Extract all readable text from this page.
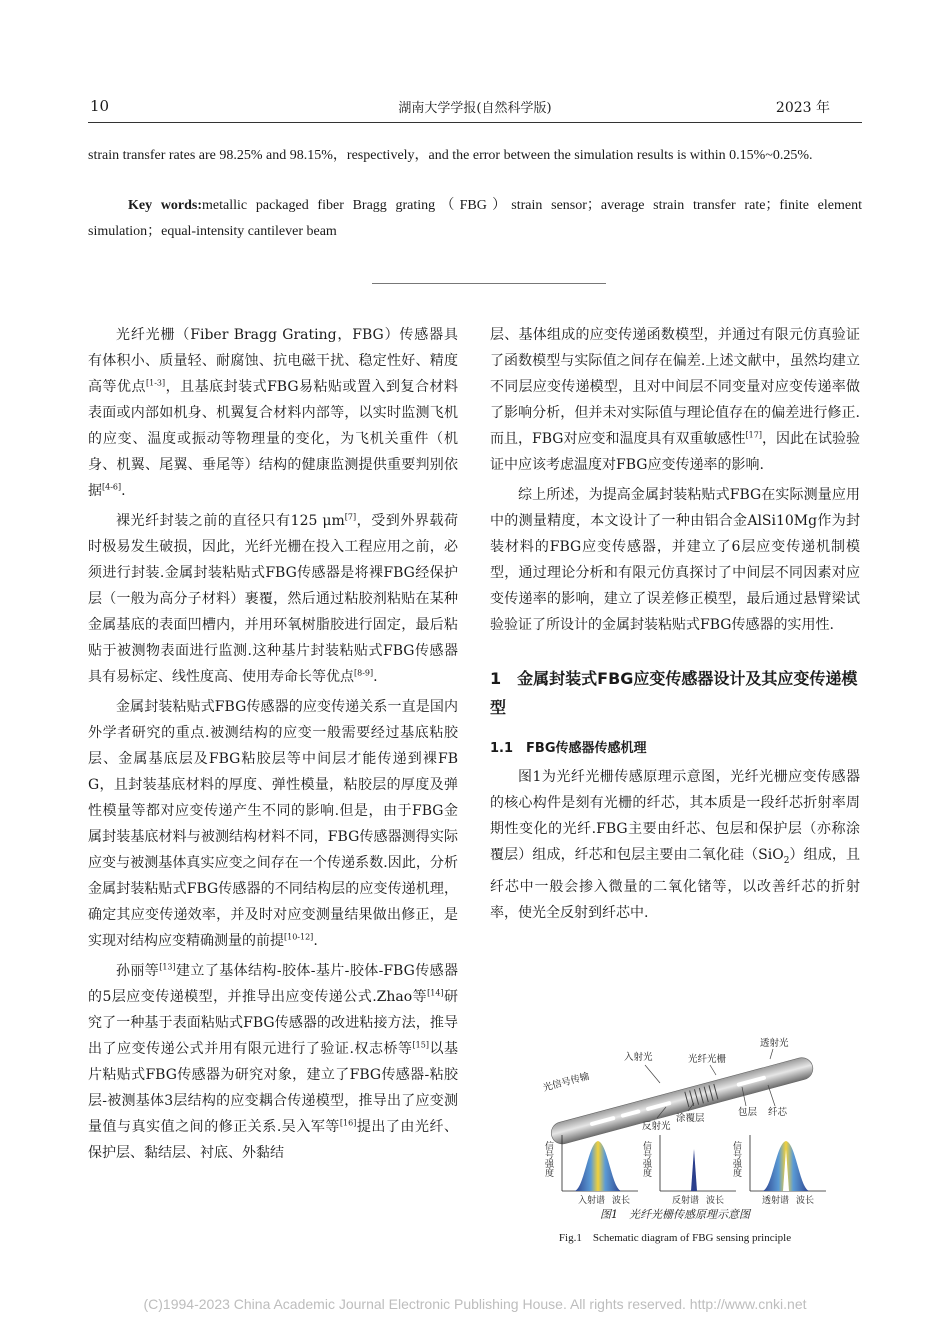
10	湖南大学学报(自然科学版)	2023 年
strain transfer rates are 98.25% and 98.15%，respectively，and the error between the simulation results is within 0.15%~0.25%.
Key words:metallic packaged fiber Bragg grating（FBG）strain sensor；average strain transfer rate；finite element simulation；equal-intensity cantilever beam

光纤光栅（Fiber Bragg Grating，FBG）传感器具有体积小、质量轻、耐腐蚀、抗电磁干扰、稳定性好、精度高等优点[1-3]，且基底封装式FBG易粘贴或置入到复合材料表面或内部如机身、机翼复合材料内部等，以实时监测飞机的应变、温度或振动等物理量的变化，为飞机关重件（机身、机翼、尾翼、垂尾等）结构的健康监测提供重要判别依据[4-6].

裸光纤封装之前的直径只有125 μm[7]，受到外界载荷时极易发生破损，因此，光纤光栅在投入工程应用之前，必须进行封装.金属封装粘贴式FBG传感器是将裸FBG经保护层（一般为高分子材料）裹覆，然后通过粘胶剂粘贴在某种金属基底的表面凹槽内，并用环氧树脂胶进行固定，最后粘贴于被测物表面进行监测.这种基片封装粘贴式FBG传感器具有易标定、线性度高、使用寿命长等优点[8-9].

金属封装粘贴式FBG传感器的应变传递关系一直是国内外学者研究的重点.被测结构的应变一般需要经过基底粘胶层、金属基底层及FBG粘胶层等中间层才能传递到裸FBG，且封装基底材料的厚度、弹性模量，粘胶层的厚度及弹性模量等都对应变传递产生不同的影响.但是，由于FBG金属封装基底材料与被测结构材料不同，FBG传感器测得实际应变与被测基体真实应变之间存在一个传递系数.因此，分析金属封装粘贴式FBG传感器的不同结构层的应变传递机理，确定其应变传递效率，并及时对应变测量结果做出修正，是实现对结构应变精确测量的前提[10-12].

孙丽等[13]建立了基体结构-胶体-基片-胶体-FBG传感器的5层应变传递模型，并推导出应变传递公式.Zhao等[14]研究了一种基于表面粘贴式FBG传感器的改进粘接方法，推导出了应变传递公式并用有限元进行了验证.权志桥等[15]以基片粘贴式FBG传感器为研究对象，建立了FBG传感器-粘胶层-被测基体3层结构的应变耦合传递模型，推导出了应变测量值与真实值之间的修正关系.吴入军等[16]提出了由光纤、保护层、黏结层、衬底、外黏结

层、基体组成的应变传递函数模型，并通过有限元仿真验证了函数模型与实际值之间存在偏差.上述文献中，虽然均建立不同层应变传递模型，且对中间层不同变量对应变传递率做了影响分析，但并未对实际值与理论值存在的偏差进行修正.而且，FBG对应变和温度具有双重敏感性[17]，因此在试验验证中应该考虑温度对FBG应变传递率的影响.

综上所述，为提高金属封装粘贴式FBG在实际测量应用中的测量精度，本文设计了一种由铝合金AlSi10Mg作为封装材料的FBG应变传感器，并建立了6层应变传递机制模型，通过理论分析和有限元仿真探讨了中间层不同因素对应变传递率的影响，建立了误差修正模型，最后通过悬臂梁试验验证了所设计的金属封装粘贴式FBG传感器的实用性.

1　金属封装式FBG应变传感器设计及其应变传递模型
1.1　FBG传感器传感机理

图1为光纤光栅传感原理示意图，光纤光栅应变传感器的核心构件是刻有光栅的纤芯，其本质是一段纤芯折射率周期性变化的光纤.FBG主要由纤芯、包层和保护层（亦称涂覆层）组成，纤芯和包层主要由二氧化硅（SiO$_2$）组成，且纤芯中一般会掺入微量的二氧化锗等，以改善纤芯的折射率，使光全反射到纤芯中.

透射光
入射光	光纤光栅
光信号传输
反射光
涂覆层
包层 纤芯
信号强度
入射谱 波长
信号强度
反射谱 波长
信号强度
透射谱 波长
图1　光纤光栅传感原理示意图
Fig.1　Schematic diagram of FBG sensing principle
(C)1994-2023 China Academic Journal Electronic Publishing House. All rights reserved. http://www.cnki.net
